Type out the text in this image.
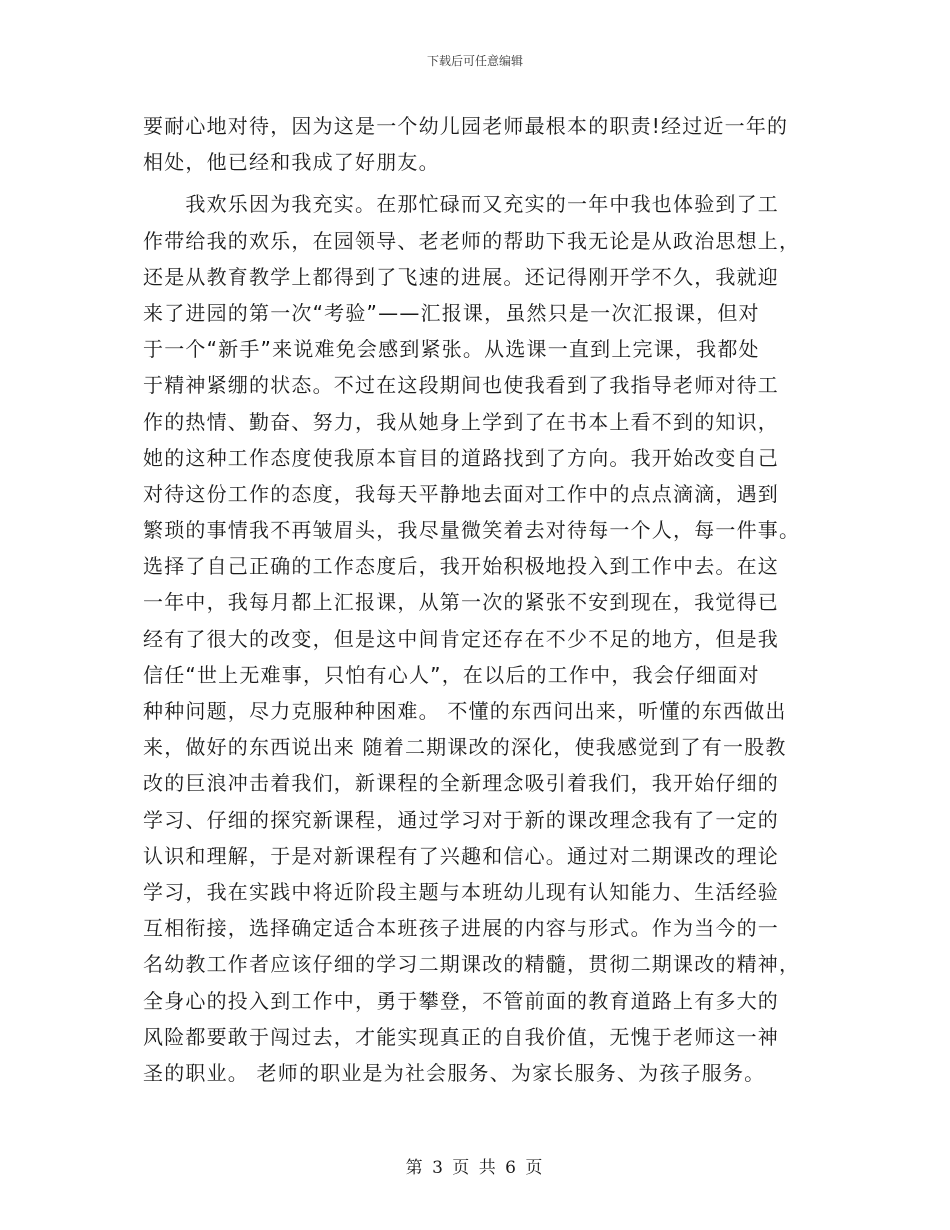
下载后可任意编辑
要耐心地对待，因为这是一个幼儿园老师最根本的职责!经过近一年的
相处，他已经和我成了好朋友。
　　我欢乐因为我充实。在那忙碌而又充实的一年中我也体验到了工
作带给我的欢乐，在园领导、老老师的帮助下我无论是从政治思想上，
还是从教育教学上都得到了飞速的进展。还记得刚开学不久，我就迎
来了进园的第一次“考验”——汇报课，虽然只是一次汇报课，但对
于一个“新手”来说难免会感到紧张。从选课一直到上完课，我都处
于精神紧绷的状态。不过在这段期间也使我看到了我指导老师对待工
作的热情、勤奋、努力，我从她身上学到了在书本上看不到的知识，
她的这种工作态度使我原本盲目的道路找到了方向。我开始改变自己
对待这份工作的态度，我每天平静地去面对工作中的点点滴滴，遇到
繁琐的事情我不再皱眉头，我尽量微笑着去对待每一个人，每一件事。
选择了自己正确的工作态度后，我开始积极地投入到工作中去。在这
一年中，我每月都上汇报课，从第一次的紧张不安到现在，我觉得已
经有了很大的改变，但是这中间肯定还存在不少不足的地方，但是我
信任“世上无难事，只怕有心人”，在以后的工作中，我会仔细面对
种种问题，尽力克服种种困难。 不懂的东西问出来，听懂的东西做出
来，做好的东西说出来 随着二期课改的深化，使我感觉到了有一股教
改的巨浪冲击着我们，新课程的全新理念吸引着我们，我开始仔细的
学习、仔细的探究新课程，通过学习对于新的课改理念我有了一定的
认识和理解，于是对新课程有了兴趣和信心。通过对二期课改的理论
学习，我在实践中将近阶段主题与本班幼儿现有认知能力、生活经验
互相衔接，选择确定适合本班孩子进展的内容与形式。作为当今的一
名幼教工作者应该仔细的学习二期课改的精髓，贯彻二期课改的精神，
全身心的投入到工作中，勇于攀登，不管前面的教育道路上有多大的
风险都要敢于闯过去，才能实现真正的自我价值，无愧于老师这一神
圣的职业。 老师的职业是为社会服务、为家长服务、为孩子服务。
第 3 页 共 6 页
